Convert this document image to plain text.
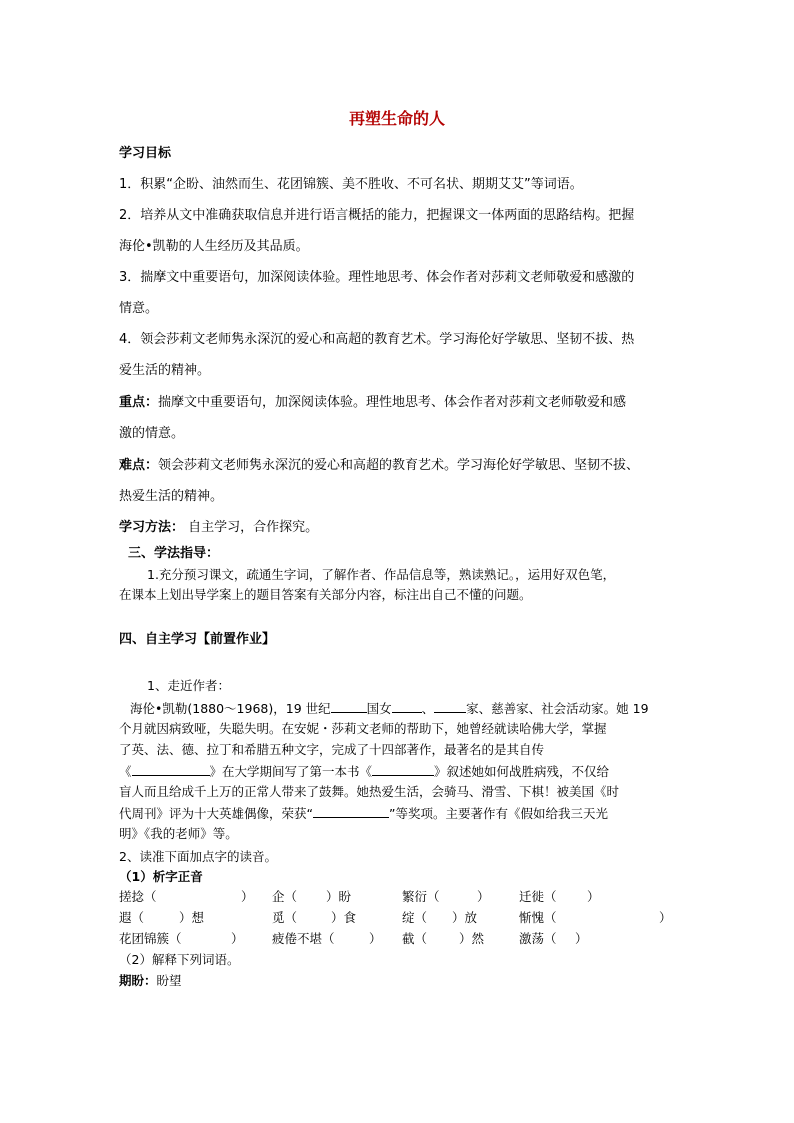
再塑生命的人
学习目标
1．积累“企盼、油然而生、花团锦簇、美不胜收、不可名状、期期艾艾”等词语。
2．培养从文中准确获取信息并进行语言概括的能力，把握课文一体两面的思路结构。把握
海伦•凯勒的人生经历及其品质。
3．揣摩文中重要语句，加深阅读体验。理性地思考、体会作者对莎莉文老师敬爱和感激的
情意。
4．领会莎莉文老师隽永深沉的爱心和高超的教育艺术。学习海伦好学敏思、坚韧不拔、热
爱生活的精神。
重点：揣摩文中重要语句，加深阅读体验。理性地思考、体会作者对莎莉文老师敬爱和感
激的情意。
难点：领会莎莉文老师隽永深沉的爱心和高超的教育艺术。学习海伦好学敏思、坚韧不拔、
热爱生活的精神。
学习方法： 自主学习，合作探究。
三、学法指导：
1.充分预习课文，疏通生字词，了解作者、作品信息等，熟读熟记。，运用好双色笔，
在课本上划出导学案上的题目答案有关部分内容，标注出自己不懂的问题。
四、自主学习【前置作业】
1、走近作者：
海伦•凯勒(1880～1968)，19 世纪	国女 、	家、慈善家、社会活动家。她 19
个月就因病致哑，失聪失明。在安妮・莎莉文老师的帮助下，她曾经就读哈佛大学，掌握
了英、法、德、拉丁和希腊五种文字，完成了十四部著作，最著名的是其自传
《	》在大学期间写了第一本书《	》叙述她如何战胜病残，不仅给
盲人而且给成千上万的正常人带来了鼓舞。她热爱生活，会骑马、滑雪、下棋！被美国《时
代周刊》评为十大英雄偶像，荣获“	”等奖项。主要著作有《假如给我三天光
明》《我的老师》等。
2、读准下面加点字的读音。
（1）析字正音
搓捻（	） 企（ ）盼	繁衍（	） 迁徙（ ）
遐（	）想	觅（	）食	绽（ ）放	惭愧（	）
花团锦簇（	） 疲倦不堪（	） 截（	）然	激荡（ ）
（2）解释下列词语。
期盼：盼望
